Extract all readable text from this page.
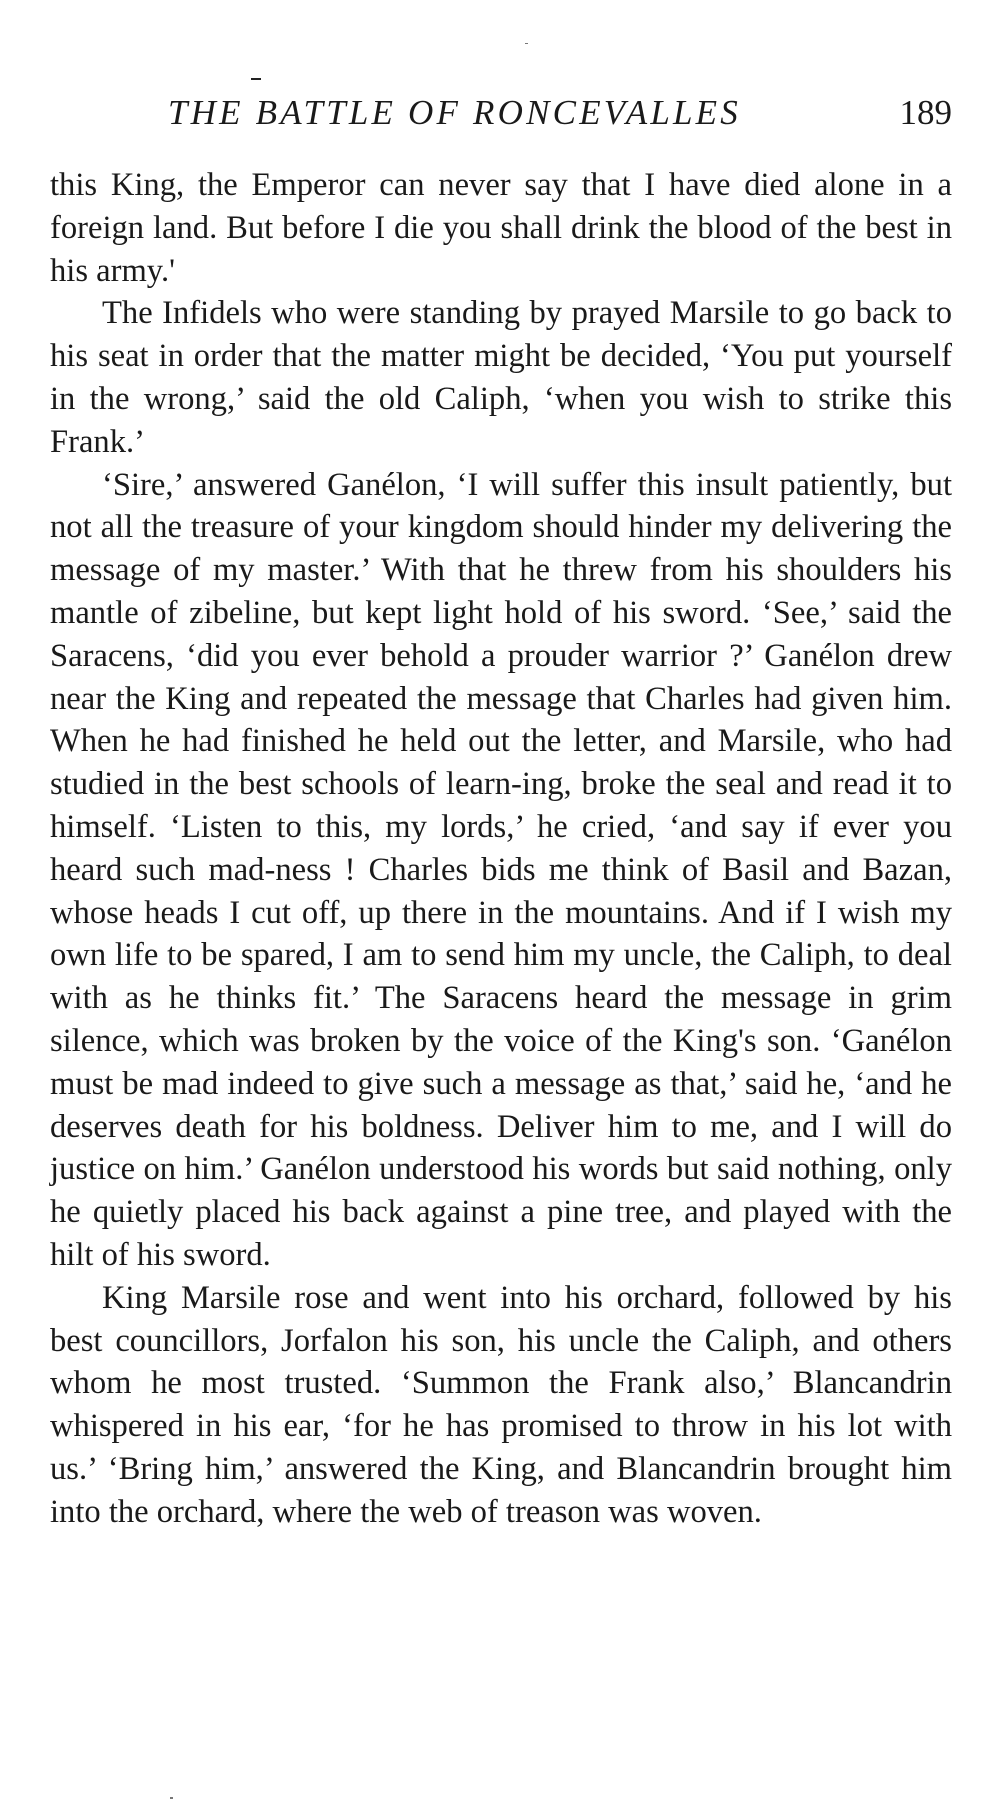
THE BATTLE OF RONCEVALLES	189

this King, the Emperor can never say that I have died alone in a foreign land. But before I die you shall drink the blood of the best in his army.'

The Infidels who were standing by prayed Marsile to go back to his seat in order that the matter might be decided, ‘You put yourself in the wrong,’ said the old Caliph, ‘when you wish to strike this Frank.’

‘Sire,’ answered Ganélon, ‘I will suffer this insult patiently, but not all the treasure of your kingdom should hinder my delivering the message of my master.’ With that he threw from his shoulders his mantle of zibeline, but kept light hold of his sword. ‘See,’ said the Saracens, ‘did you ever behold a prouder warrior ?’ Ganélon drew near the King and repeated the message that Charles had given him. When he had finished he held out the letter, and Marsile, who had studied in the best schools of learn-ing, broke the seal and read it to himself. ‘Listen to this, my lords,’ he cried, ‘and say if ever you heard such mad-ness ! Charles bids me think of Basil and Bazan, whose heads I cut off, up there in the mountains. And if I wish my own life to be spared, I am to send him my uncle, the Caliph, to deal with as he thinks fit.’ The Saracens heard the message in grim silence, which was broken by the voice of the King's son. ‘Ganélon must be mad indeed to give such a message as that,’ said he, ‘and he deserves death for his boldness. Deliver him to me, and I will do justice on him.’ Ganélon understood his words but said nothing, only he quietly placed his back against a pine tree, and played with the hilt of his sword.

King Marsile rose and went into his orchard, followed by his best councillors, Jorfalon his son, his uncle the Caliph, and others whom he most trusted. ‘Summon the Frank also,’ Blancandrin whispered in his ear, ‘for he has promised to throw in his lot with us.’ ‘Bring him,’ answered the King, and Blancandrin brought him into the orchard, where the web of treason was woven.
